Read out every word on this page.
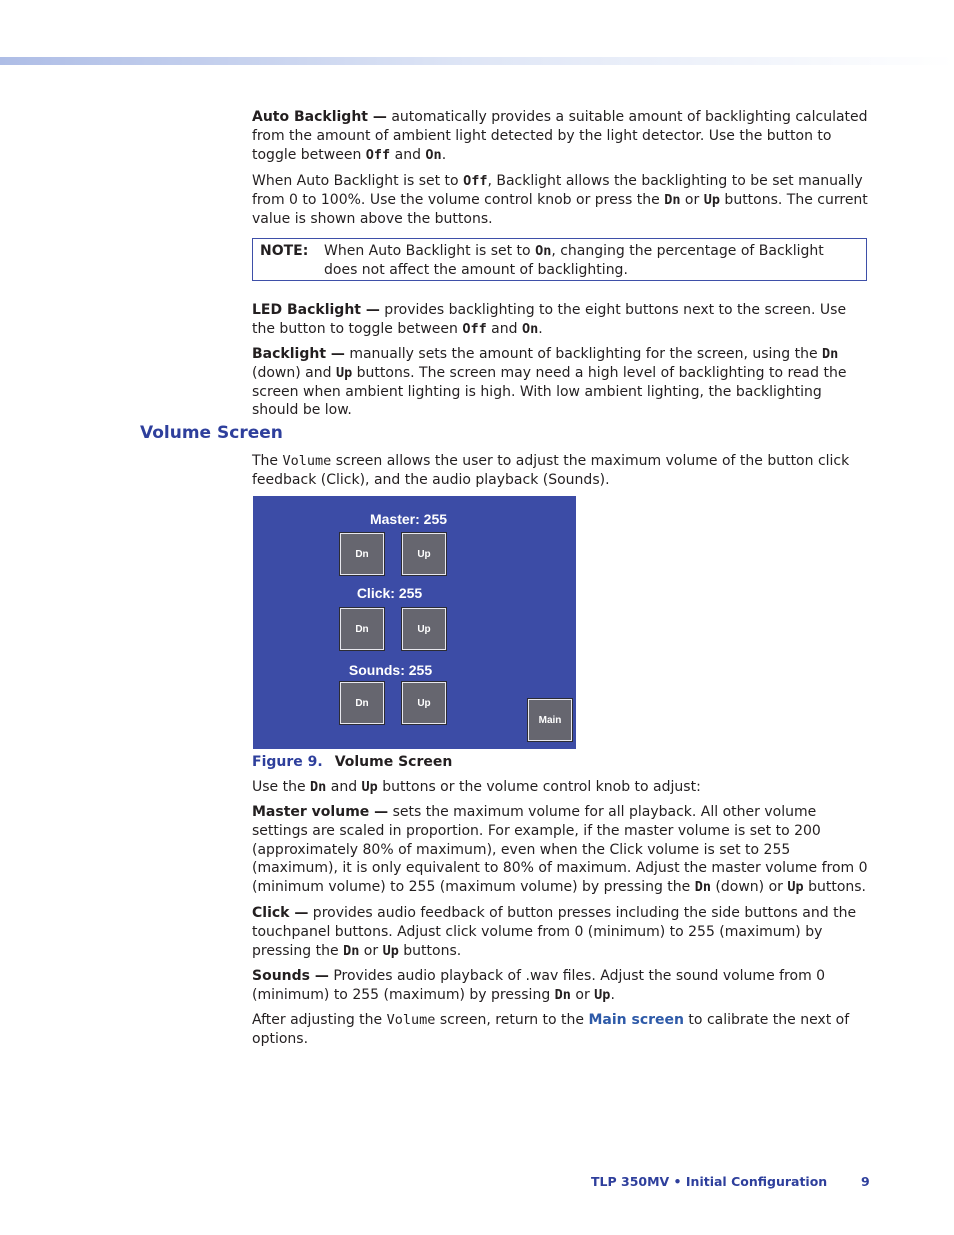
Auto Backlight — automatically provides a suitable amount of backlighting calculated from the amount of ambient light detected by the light detector. Use the button to toggle between Off and On.

When Auto Backlight is set to Off, Backlight allows the backlighting to be set manually from 0 to 100%. Use the volume control knob or press the Dn or Up buttons. The current value is shown above the buttons.

NOTE: When Auto Backlight is set to On, changing the percentage of Backlight does not affect the amount of backlighting.

LED Backlight — provides backlighting to the eight buttons next to the screen. Use the button to toggle between Off and On.

Backlight — manually sets the amount of backlighting for the screen, using the Dn (down) and Up buttons. The screen may need a high level of backlighting to read the screen when ambient lighting is high. With low ambient lighting, the backlighting should be low.

Volume Screen

The Volume screen allows the user to adjust the maximum volume of the button click feedback (Click), and the audio playback (Sounds).

Master: 255
Dn	Up
Click: 255
Dn	Up
Sounds: 255
Dn	Up
Main
Figure 9. Volume Screen

Use the Dn and Up buttons or the volume control knob to adjust:

Master volume — sets the maximum volume for all playback. All other volume settings are scaled in proportion. For example, if the master volume is set to 200 (approximately 80% of maximum), even when the Click volume is set to 255 (maximum), it is only equivalent to 80% of maximum. Adjust the master volume from 0 (minimum volume) to 255 (maximum volume) by pressing the Dn (down) or Up buttons.

Click — provides audio feedback of button presses including the side buttons and the touchpanel buttons. Adjust click volume from 0 (minimum) to 255 (maximum) by pressing the Dn or Up buttons.

Sounds — Provides audio playback of .wav files. Adjust the sound volume from 0 (minimum) to 255 (maximum) by pressing Dn or Up.

After adjusting the Volume screen, return to the Main screen to calibrate the next of options.

TLP 350MV • Initial Configuration	9
